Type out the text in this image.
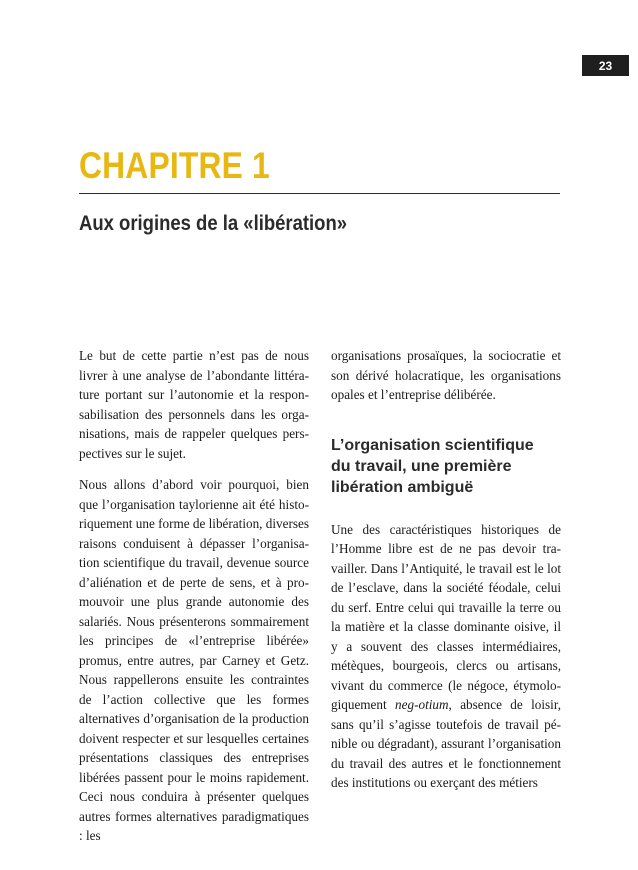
23
CHAPITRE 1
Aux origines de la «libération»

Le but de cette partie n’est pas de nous livrer à une analyse de l’abondante littérature portant sur l’autonomie et la responsabilisation des personnels dans les organisations, mais de rappeler quelques perspectives sur le sujet.

Nous allons d’abord voir pourquoi, bien que l’organisation taylorienne ait été historiquement une forme de libération, diverses raisons conduisent à dépasser l’organisation scientifique du travail, devenue source d’aliénation et de perte de sens, et à promouvoir une plus grande autonomie des salariés. Nous présenterons sommairement les principes de «l’entreprise libérée» promus, entre autres, par Carney et Getz. Nous rappellerons ensuite les contraintes de l’action collective que les formes alternatives d’organisation de la production doivent respecter et sur lesquelles certaines présentations classiques des entreprises libérées passent pour le moins rapidement. Ceci nous conduira à présenter quelques autres formes alternatives paradigmatiques : les

organisations prosaïques, la sociocratie et son dérivé holacratique, les organisations opales et l’entreprise délibérée.

L’organisation scientifique
du travail, une première
libération ambiguë

Une des caractéristiques historiques de l’Homme libre est de ne pas devoir travailler. Dans l’Antiquité, le travail est le lot de l’esclave, dans la société féodale, celui du serf. Entre celui qui travaille la terre ou la matière et la classe dominante oisive, il y a souvent des classes intermédiaires, métèques, bourgeois, clercs ou artisans, vivant du commerce (le négoce, étymologiquement neg-otium, absence de loisir, sans qu’il s’agisse toutefois de travail pénible ou dégradant), assurant l’organisation du travail des autres et le fonctionnement des institutions ou exerçant des métiers
